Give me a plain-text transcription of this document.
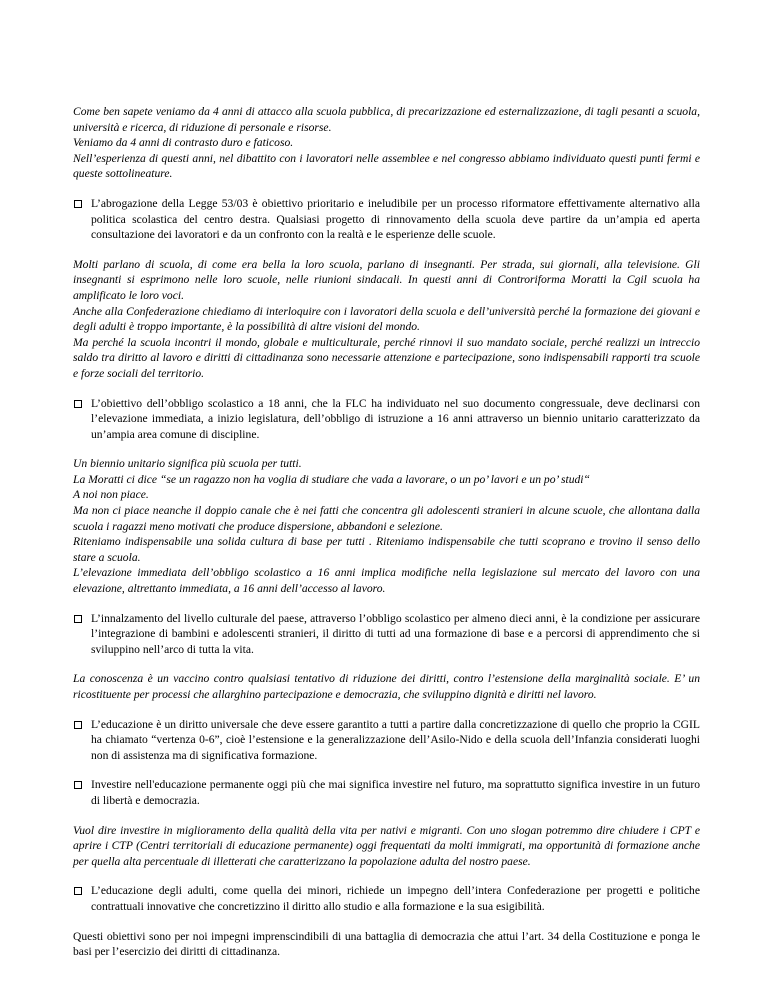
Come ben sapete veniamo da 4 anni di attacco alla scuola pubblica, di precarizzazione ed esternalizzazione, di tagli pesanti a scuola, università e ricerca, di riduzione di personale e risorse.

Veniamo da 4 anni di contrasto duro e faticoso.

Nell’esperienza di questi anni, nel dibattito con i lavoratori nelle assemblee e nel congresso abbiamo individuato questi punti fermi e queste sottolineature.

L’abrogazione della Legge 53/03 è obiettivo prioritario e ineludibile per un processo riformatore effettivamente alternativo alla politica scolastica del centro destra. Qualsiasi progetto di rinnovamento della scuola deve partire da un’ampia ed aperta consultazione dei lavoratori e da un confronto con la realtà e le esperienze delle scuole.

Molti parlano di scuola, di come era bella la loro scuola, parlano di insegnanti. Per strada, sui giornali, alla televisione. Gli insegnanti si esprimono nelle loro scuole, nelle riunioni sindacali. In questi anni di Controriforma Moratti la Cgil scuola ha amplificato le loro voci.

Anche alla Confederazione chiediamo di interloquire con i lavoratori della scuola e dell’università perché la formazione dei giovani e degli adulti è troppo importante, è la possibilità di altre visioni del mondo.

Ma perché la scuola incontri il mondo, globale e multiculturale, perché rinnovi il suo mandato sociale, perché realizzi un intreccio saldo tra diritto al lavoro e diritti di cittadinanza sono necessarie attenzione e partecipazione, sono indispensabili rapporti tra scuole e forze sociali del territorio.

L’obiettivo dell’obbligo scolastico a 18 anni, che la FLC ha individuato nel suo documento congressuale, deve declinarsi con l’elevazione immediata, a inizio legislatura, dell’obbligo di istruzione a 16 anni attraverso un biennio unitario caratterizzato da un’ampia area comune di discipline.

Un biennio unitario significa più scuola per tutti.

La Moratti ci dice “se un ragazzo non ha voglia di studiare che vada a lavorare, o un po’ lavori e un po’ studi“

A noi non piace.

Ma non ci piace neanche il doppio canale che è nei fatti che concentra gli adolescenti stranieri in alcune scuole, che allontana dalla scuola i ragazzi meno motivati che produce dispersione, abbandoni e selezione.

Riteniamo indispensabile una solida cultura di base per tutti . Riteniamo indispensabile che tutti scoprano e trovino il senso dello stare a scuola.

L’elevazione immediata dell’obbligo scolastico a 16 anni implica modifiche nella legislazione sul mercato del lavoro con una elevazione, altrettanto immediata, a 16 anni dell’accesso al lavoro.

L’innalzamento del livello culturale del paese, attraverso l’obbligo scolastico per almeno dieci anni, è la condizione per assicurare l’integrazione di bambini e adolescenti stranieri, il diritto di tutti ad una formazione di base e a percorsi di apprendimento che si sviluppino nell’arco di tutta la vita.

La conoscenza è un vaccino contro qualsiasi tentativo di riduzione dei diritti, contro l’estensione della marginalità sociale. E’ un ricostituente per processi che allarghino partecipazione e democrazia, che sviluppino dignità e diritti nel lavoro.

L’educazione è un diritto universale che deve essere garantito a tutti a partire dalla concretizzazione di quello che proprio la CGIL ha chiamato “vertenza 0-6”, cioè l’estensione e la generalizzazione dell’Asilo-Nido e della scuola dell’Infanzia considerati luoghi non di assistenza ma di significativa formazione.

Investire nell'educazione permanente oggi più che mai significa investire nel futuro, ma soprattutto significa investire in un futuro di libertà e democrazia.

Vuol dire investire in miglioramento della qualità della vita per nativi e migranti. Con uno slogan potremmo dire chiudere i CPT e aprire i CTP (Centri territoriali di educazione permanente) oggi frequentati da molti immigrati, ma opportunità di formazione anche per quella alta percentuale di illetterati che caratterizzano la popolazione adulta del nostro paese.

L’educazione degli adulti, come quella dei minori, richiede un impegno dell’intera Confederazione per progetti e politiche contrattuali innovative che concretizzino il diritto allo studio e alla formazione e la sua esigibilità.

Questi obiettivi sono per noi impegni imprenscindibili di una battaglia di democrazia che attui l’art. 34 della Costituzione e ponga le basi per l’esercizio dei diritti di cittadinanza.
